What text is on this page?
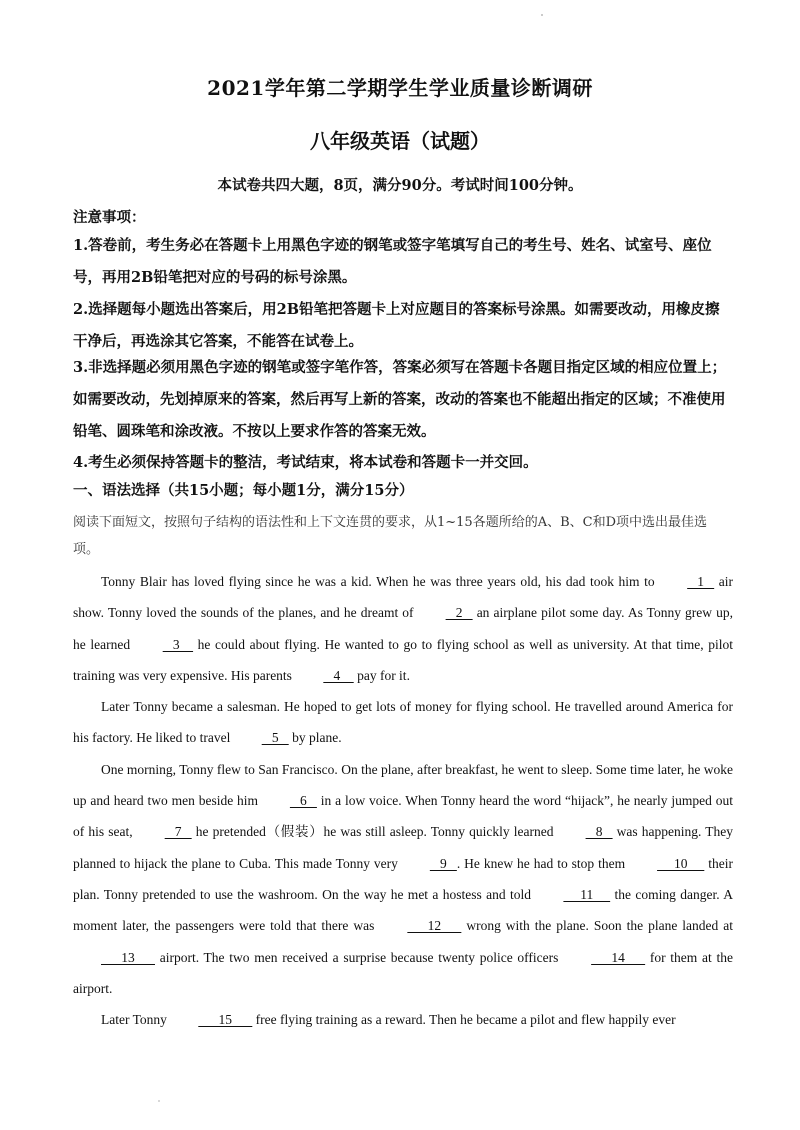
2021学年第二学期学生学业质量诊断调研
八年级英语（试题）
本试卷共四大题，8页，满分90分。考试时间100分钟。
注意事项：
1.答卷前，考生务必在答题卡上用黑色字迹的钢笔或签字笔填写自己的考生号、姓名、试室号、座位号，再用2B铅笔把对应的号码的标号涂黑。
2.选择题每小题选出答案后，用2B铅笔把答题卡上对应题目的答案标号涂黑。如需要改动，用橡皮擦干净后，再选涂其它答案，不能答在试卷上。
3.非选择题必须用黑色字迹的钢笔或签字笔作答，答案必须写在答题卡各题目指定区域的相应位置上；如需要改动，先划掉原来的答案，然后再写上新的答案，改动的答案也不能超出指定的区域；不准使用铅笔、圆珠笔和涂改液。不按以上要求作答的答案无效。
4.考生必须保持答题卡的整洁，考试结束，将本试卷和答题卡一并交回。
一、语法选择（共15小题；每小题1分，满分15分）
阅读下面短文，按照句子结构的语法性和上下文连贯的要求，从1~15各题所给的A、B、C和D项中选出最佳选项。

Tonny Blair has loved flying since he was a kid. When he was three years old, his dad took him to    1    air show. Tonny loved the sounds of the planes, and he dreamt of    2    an airplane pilot some day. As Tonny grew up, he learned    3     he could about flying. He wanted to go to flying school as well as university. At that time, pilot training was very expensive. His parents    4     pay for it.

Later Tonny became a salesman. He hoped to get lots of money for flying school. He travelled around America for his factory. He liked to travel    5    by plane.

One morning, Tonny flew to San Francisco. On the plane, after breakfast, he went to sleep. Some time later, he woke up and heard two men beside him    6    in a low voice. When Tonny heard the word “hijack”, he nearly jumped out of his seat,    7    he pretended（假装）he was still asleep. Tonny quickly learned    8    was happening. They planned to hijack the plane to Cuba. This made Tonny very    9   . He knew he had to stop them      10      their plan. Tonny pretended to use the washroom. On the way he met a hostess and told      11      the coming danger. A moment later, the passengers were told that there was       12       wrong with the plane. Soon the plane landed at       13       airport. The two men received a surprise because twenty police officers       14       for them at the airport.

Later Tonny       15       free flying training as a reward. Then he became a pilot and flew happily ever
